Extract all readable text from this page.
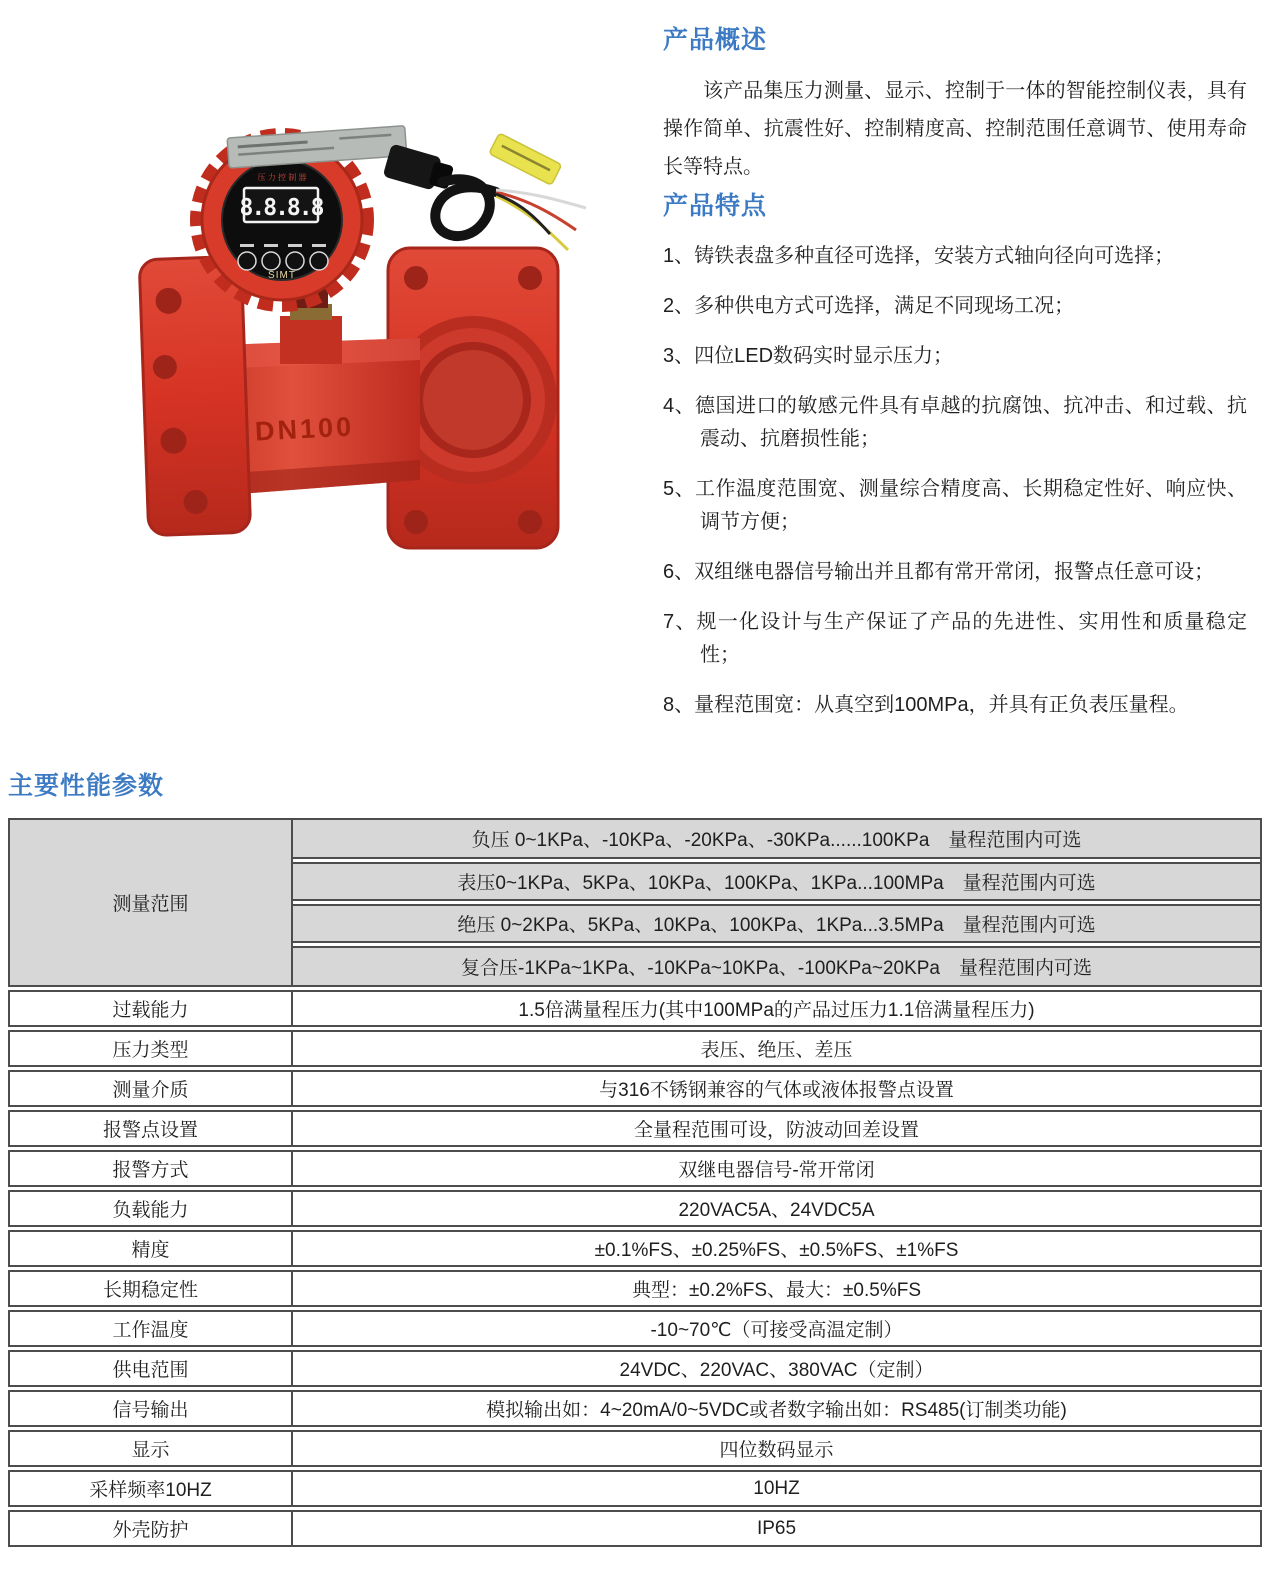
DN100
压 力 控 制 器
8.8.8.8
SIMT
产品概述

该产品集压力测量、显示、控制于一体的智能控制仪表，具有操作简单、抗震性好、控制精度高、控制范围任意调节、使用寿命长等特点。

产品特点
1、铸铁表盘多种直径可选择，安装方式轴向径向可选择；
2、多种供电方式可选择，满足不同现场工况；
3、四位LED数码实时显示压力；
4、德国进口的敏感元件具有卓越的抗腐蚀、抗冲击、和过载、抗震动、抗磨损性能；
5、工作温度范围宽、测量综合精度高、长期稳定性好、响应快、调节方便；
6、双组继电器信号输出并且都有常开常闭，报警点任意可设；
7、规一化设计与生产保证了产品的先进性、实用性和质量稳定性；
8、量程范围宽：从真空到100MPa，并具有正负表压量程。
主要性能参数
测量范围
负压 0~1KPa、-10KPa、-20KPa、-30KPa......100KPa　量程范围内可选
表压0~1KPa、5KPa、10KPa、100KPa、1KPa...100MPa　量程范围内可选
绝压 0~2KPa、5KPa、10KPa、100KPa、1KPa...3.5MPa　量程范围内可选
复合压-1KPa~1KPa、-10KPa~10KPa、-100KPa~20KPa　量程范围内可选
过载能力	1.5倍满量程压力(其中100MPa的产品过压力1.1倍满量程压力)
压力类型	表压、绝压、差压
测量介质	与316不锈钢兼容的气体或液体报警点设置
报警点设置	全量程范围可设，防波动回差设置
报警方式	双继电器信号-常开常闭
负载能力	220VAC5A、24VDC5A
精度	±0.1%FS、±0.25%FS、±0.5%FS、±1%FS
长期稳定性	典型：±0.2%FS、最大：±0.5%FS
工作温度	-10~70℃（可接受高温定制）
供电范围	24VDC、220VAC、380VAC（定制）
信号输出	模拟输出如：4~20mA/0~5VDC或者数字输出如：RS485(订制类功能)
显示	四位数码显示
采样频率10HZ	10HZ
外壳防护	IP65
